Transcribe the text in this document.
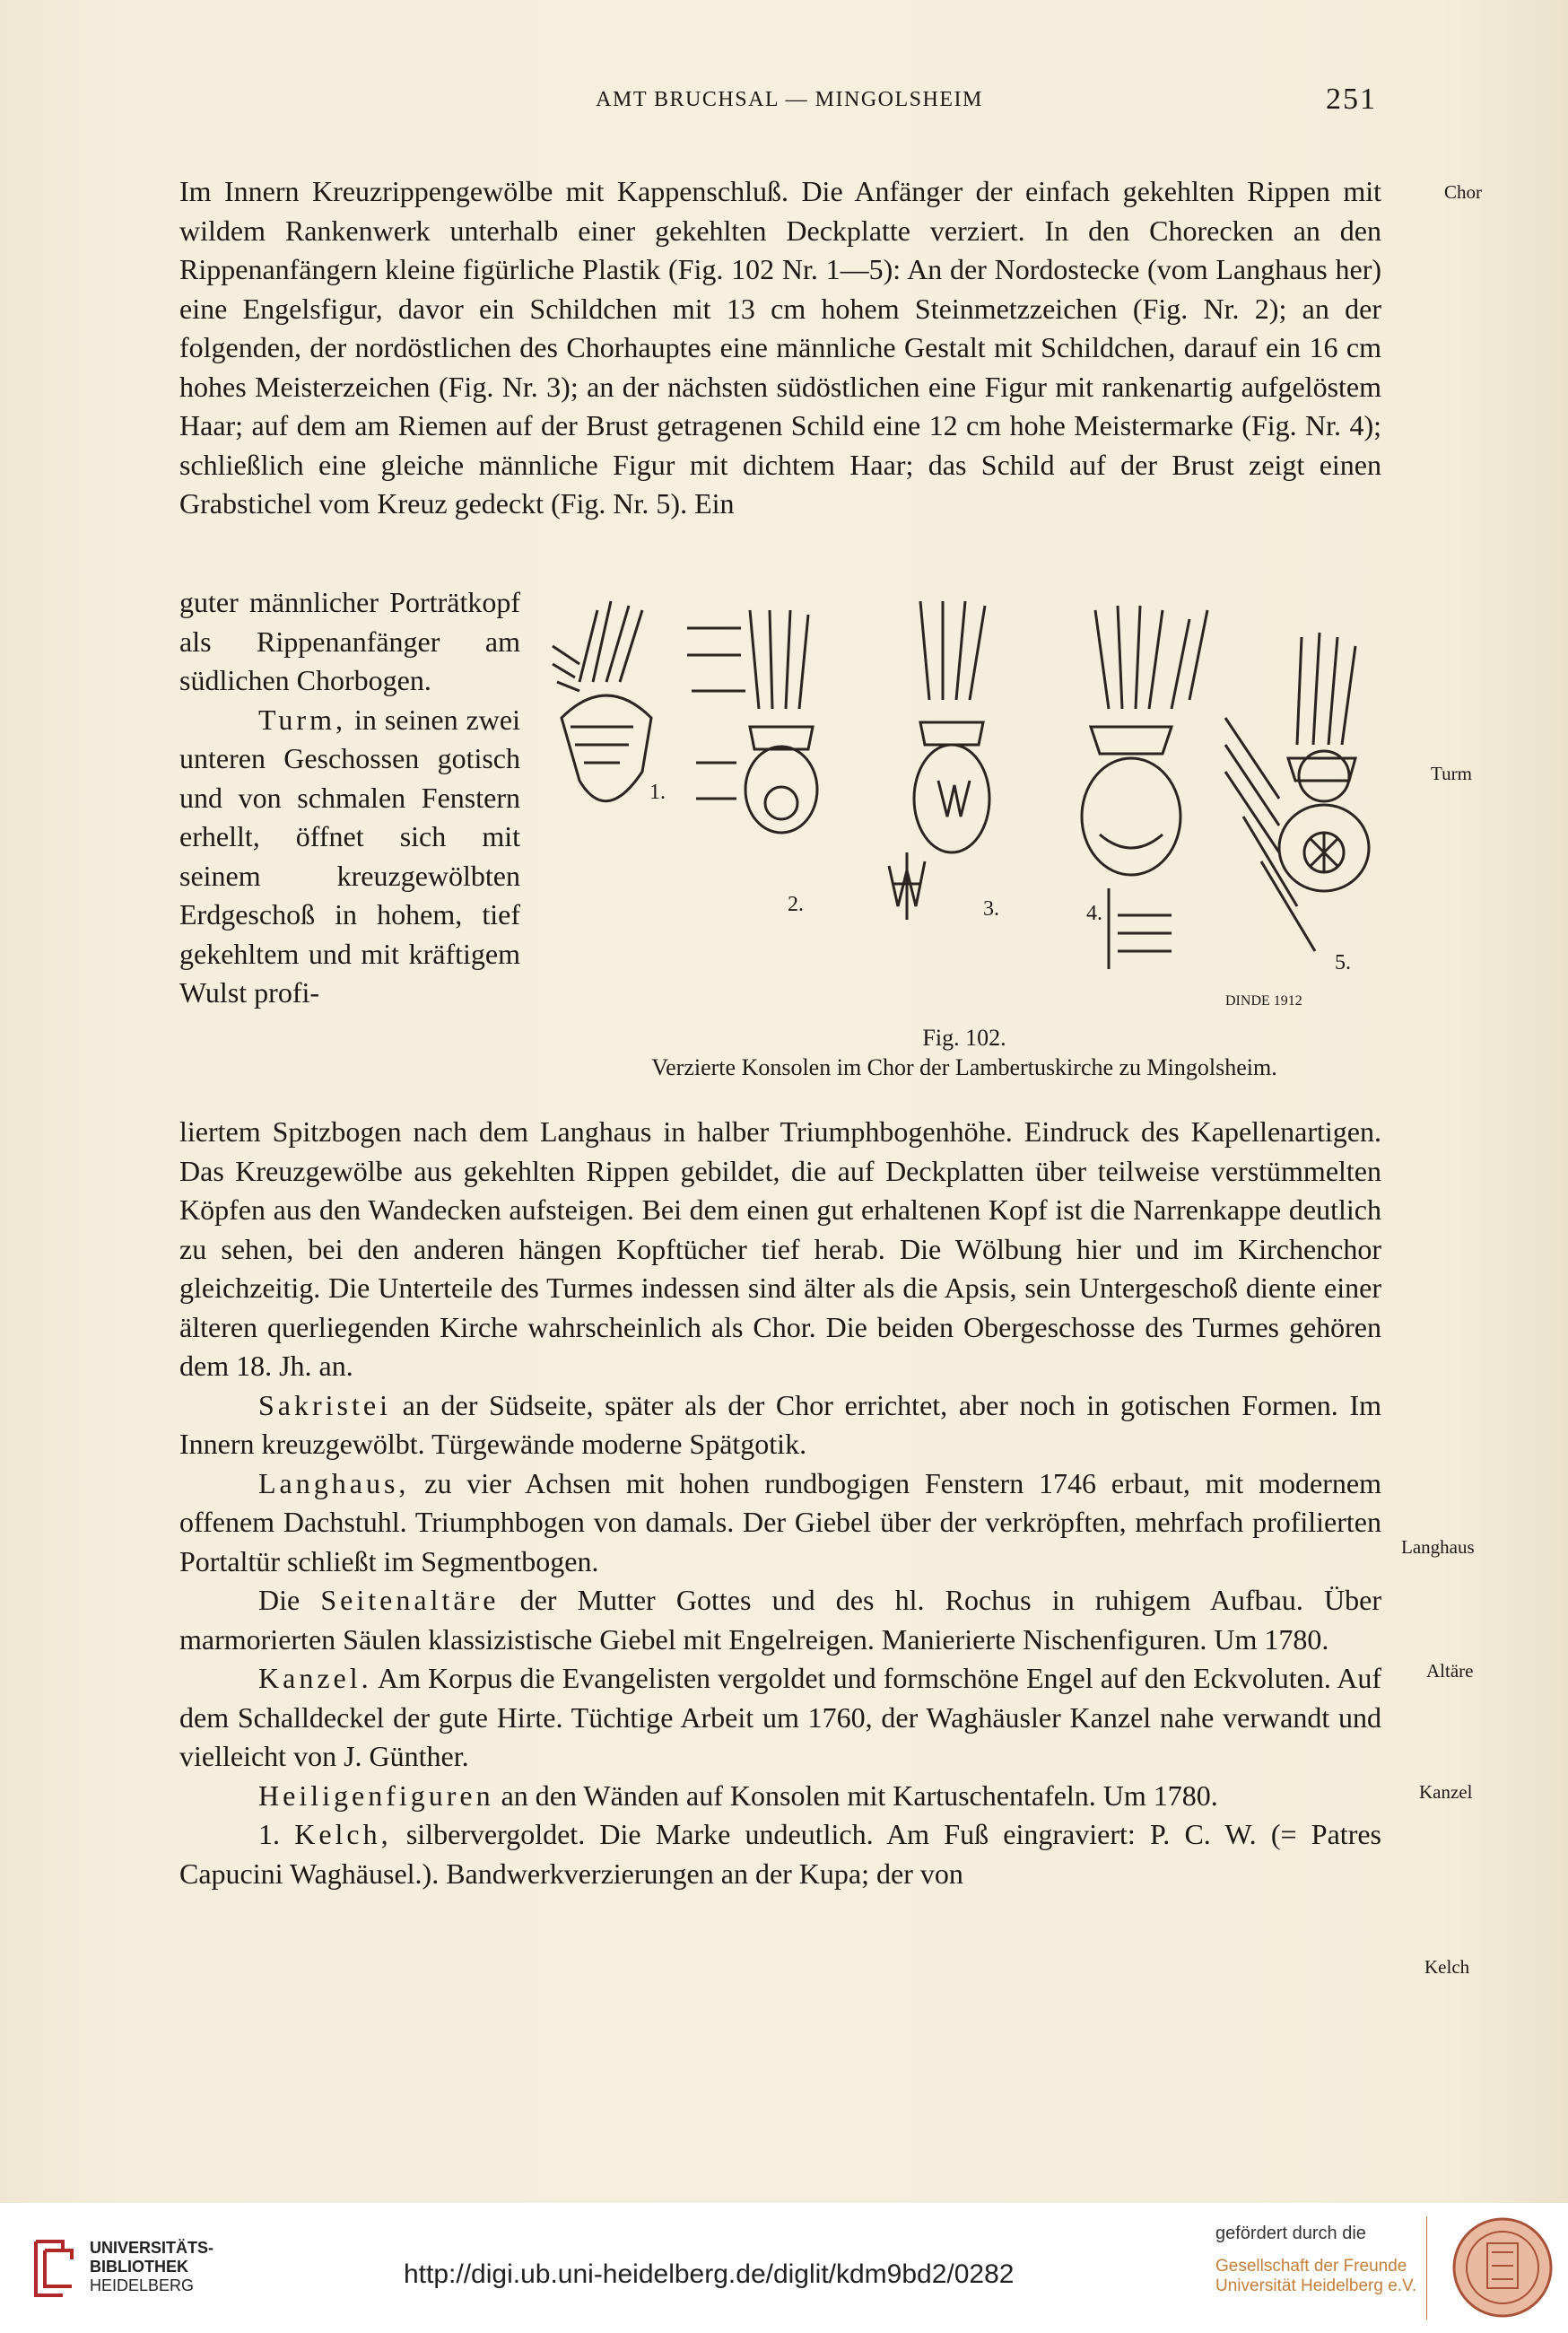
AMT BRUCHSAL — MINGOLSHEIM	251

Im Innern Kreuzrippengewölbe mit Kappenschluß. Die Anfänger der einfach gekehlten Rippen mit wildem Rankenwerk unterhalb einer gekehlten Deckplatte verziert. In den Chorecken an den Rippenanfängern kleine figürliche Plastik (Fig. 102 Nr. 1—5): An der Nordostecke (vom Langhaus her) eine Engelsfigur, davor ein Schildchen mit 13 cm hohem Steinmetzzeichen (Fig. Nr. 2); an der folgenden, der nordöstlichen des Chorhauptes eine männliche Gestalt mit Schildchen, darauf ein 16 cm hohes Meisterzeichen (Fig. Nr. 3); an der nächsten südöstlichen eine Figur mit rankenartig aufgelöstem Haar; auf dem am Riemen auf der Brust getragenen Schild eine 12 cm hohe Meistermarke (Fig. Nr. 4); schließlich eine gleiche männliche Figur mit dichtem Haar; das Schild auf der Brust zeigt einen Grabstichel vom Kreuz gedeckt (Fig. Nr. 5). Ein

guter männlicher Porträtkopf als Rippenanfänger am südlichen Chorbogen.

Turm, in seinen zwei unteren Geschossen gotisch und von schmalen Fenstern erhellt, öffnet sich mit seinem kreuzgewölbten Erdgeschoß in hohem, tief gekehltem und mit kräftigem Wulst profi-

1.
2.	3.	4.
5.
DINDE 1912
Fig. 102.
Verzierte Konsolen im Chor der Lambertuskirche zu Mingolsheim.

liertem Spitzbogen nach dem Langhaus in halber Triumphbogenhöhe. Eindruck des Kapellenartigen. Das Kreuzgewölbe aus gekehlten Rippen gebildet, die auf Deckplatten über teilweise verstümmelten Köpfen aus den Wandecken aufsteigen. Bei dem einen gut erhaltenen Kopf ist die Narrenkappe deutlich zu sehen, bei den anderen hängen Kopftücher tief herab. Die Wölbung hier und im Kirchenchor gleichzeitig. Die Unterteile des Turmes indessen sind älter als die Apsis, sein Untergeschoß diente einer älteren querliegenden Kirche wahrscheinlich als Chor. Die beiden Obergeschosse des Turmes gehören dem 18. Jh. an.

Sakristei an der Südseite, später als der Chor errichtet, aber noch in gotischen Formen. Im Innern kreuzgewölbt. Türgewände moderne Spätgotik.

Langhaus, zu vier Achsen mit hohen rundbogigen Fenstern 1746 erbaut, mit modernem offenem Dachstuhl. Triumphbogen von damals. Der Giebel über der verkröpften, mehrfach profilierten Portaltür schließt im Segmentbogen.

Die Seitenaltäre der Mutter Gottes und des hl. Rochus in ruhigem Aufbau. Über marmorierten Säulen klassizistische Giebel mit Engelreigen. Manierierte Nischenfiguren. Um 1780.

Kanzel. Am Korpus die Evangelisten vergoldet und formschöne Engel auf den Eckvoluten. Auf dem Schalldeckel der gute Hirte. Tüchtige Arbeit um 1760, der Waghäusler Kanzel nahe verwandt und vielleicht von J. Günther.

Heiligenfiguren an den Wänden auf Konsolen mit Kartuschentafeln. Um 1780.

1. Kelch, silbervergoldet. Die Marke undeutlich. Am Fuß eingraviert: P. C. W. (= Patres Capucini Waghäusel.). Bandwerkverzierungen an der Kupa; der von

Chor
Turm
Langhaus
Altäre
Kanzel
Kelch
UNIVERSITÄTS-
BIBLIOTHEK
HEIDELBERG	http://digi.ub.uni-heidelberg.de/diglit/kdm9bd2/0282
gefördert durch die
Gesellschaft der Freunde
Universität Heidelberg e.V.
